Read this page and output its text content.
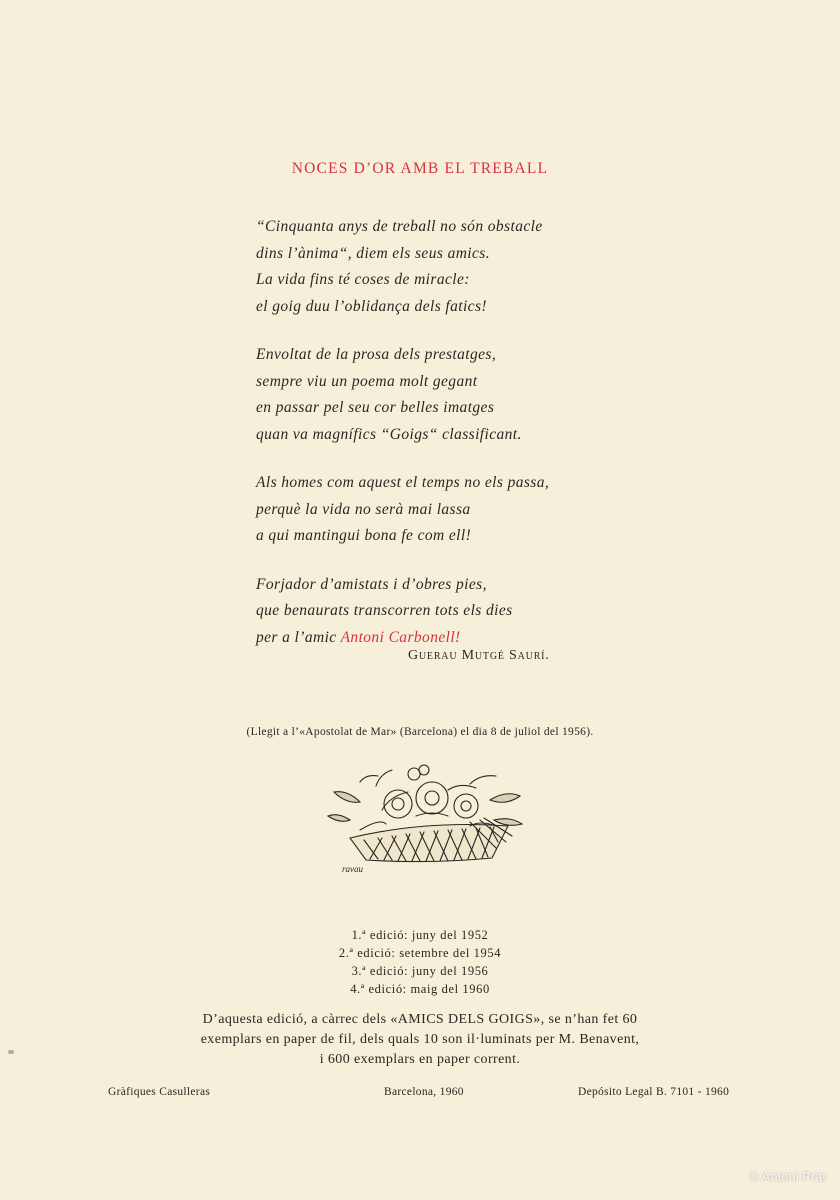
NOCES D’OR AMB EL TREBALL
“Cinquanta anys de treball no són obstacle
dins l’ànima“, diem els seus amics.
La vida fins té coses de miracle:
el goig duu l’oblidança dels fatics!
Envoltat de la prosa dels prestatges,
sempre viu un poema molt gegant
en passar pel seu cor belles imatges
quan va magnífics “Goigs“ classificant.
Als homes com aquest el temps no els passa,
perquè la vida no serà mai lassa
a qui mantingui bona fe com ell!
Forjador d’amistats i d’obres pies,
que benaurats transcorren tots els dies
per a l’amic Antoni Carbonell!
Guerau Mutgé Saurí.
(Llegit a l’«Apostolat de Mar» (Barcelona) el dia 8 de juliol del 1956).
ravau
1.ª edició: juny del 1952
2.ª edició: setembre del 1954
3.ª edició: juny del 1956
4.ª edició: maig del 1960
D’aquesta edició, a càrrec dels «AMICS DELS GOIGS», se n’han fet 60
exemplars en paper de fil, dels quals 10 son il·luminats per M. Benavent,
i 600 exemplars en paper corrent.
Gràfiques Casulleras	Barcelona, 1960	Depósito Legal B. 7101 - 1960
© Antoni Prat
